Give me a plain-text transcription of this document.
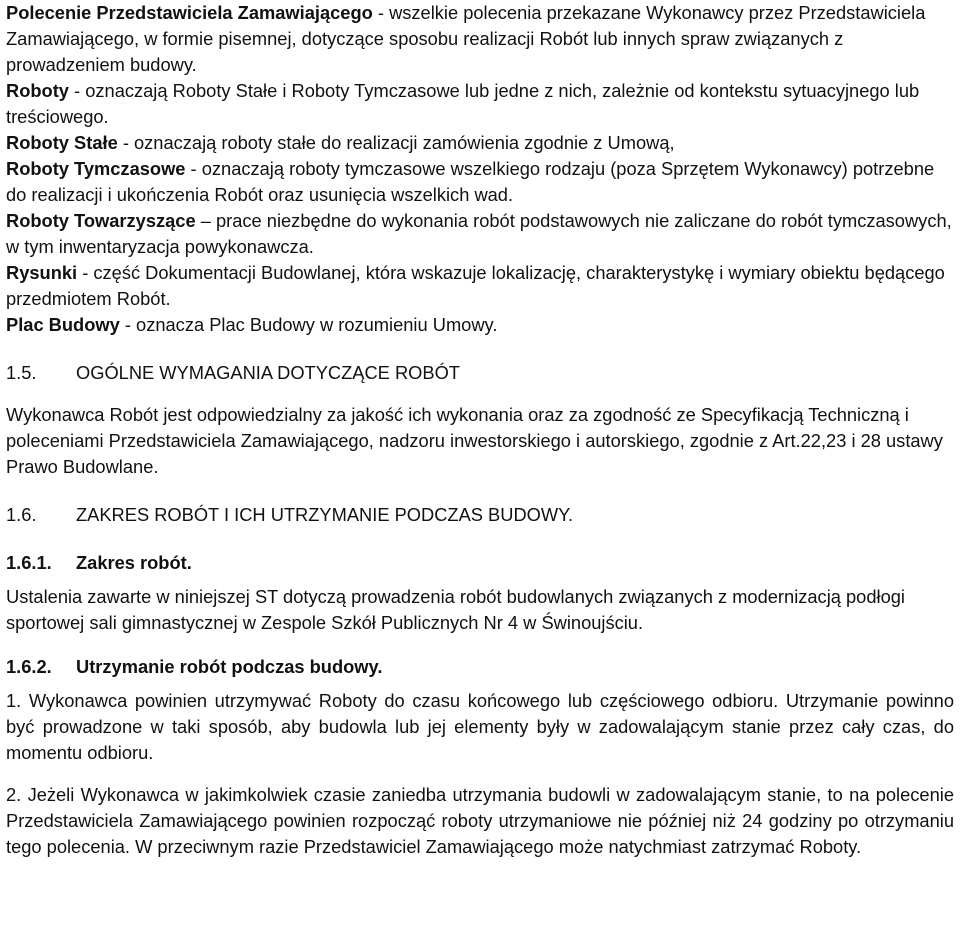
Polecenie Przedstawiciela Zamawiającego - wszelkie polecenia przekazane Wykonawcy przez Przedstawiciela Zamawiającego, w formie pisemnej, dotyczące sposobu realizacji Robót lub innych spraw związanych z prowadzeniem budowy.

Roboty - oznaczają Roboty Stałe i Roboty Tymczasowe lub jedne z nich, zależnie od kontekstu sytuacyjnego lub treściowego.

Roboty Stałe - oznaczają roboty stałe do realizacji zamówienia zgodnie z Umową,

Roboty Tymczasowe - oznaczają roboty tymczasowe wszelkiego rodzaju (poza Sprzętem Wykonawcy) potrzebne do realizacji i ukończenia Robót oraz usunięcia wszelkich wad.

Roboty Towarzyszące – prace niezbędne do wykonania robót podstawowych nie zaliczane do robót tymczasowych, w tym inwentaryzacja powykonawcza.

Rysunki - część Dokumentacji Budowlanej, która wskazuje lokalizację, charakterystykę i wymiary obiektu będącego przedmiotem Robót.

Plac Budowy - oznacza Plac Budowy w rozumieniu Umowy.

1.5.	OGÓLNE WYMAGANIA DOTYCZĄCE ROBÓT

Wykonawca Robót jest odpowiedzialny za jakość ich wykonania oraz za zgodność ze Specyfikacją Techniczną i poleceniami Przedstawiciela Zamawiającego, nadzoru inwestorskiego i autorskiego, zgodnie z Art.22,23 i 28 ustawy Prawo Budowlane.

1.6.	ZAKRES ROBÓT I ICH UTRZYMANIE PODCZAS BUDOWY.
1.6.1.	Zakres robót.

Ustalenia zawarte w niniejszej ST dotyczą prowadzenia robót budowlanych związanych z modernizacją podłogi sportowej sali gimnastycznej w Zespole Szkół Publicznych Nr 4 w Świnoujściu.

1.6.2.	Utrzymanie robót podczas budowy.

1. Wykonawca powinien utrzymywać Roboty do czasu końcowego lub częściowego odbioru. Utrzymanie powinno być prowadzone w taki sposób, aby budowla lub jej elementy były w zadowalającym stanie przez cały czas, do momentu odbioru.

2. Jeżeli Wykonawca w jakimkolwiek czasie zaniedba utrzymania budowli w zadowalającym stanie, to na polecenie Przedstawiciela Zamawiającego powinien rozpocząć roboty utrzymaniowe nie później niż 24 godziny po otrzymaniu tego polecenia. W przeciwnym razie Przedstawiciel Zamawiającego może natychmiast zatrzymać Roboty.
